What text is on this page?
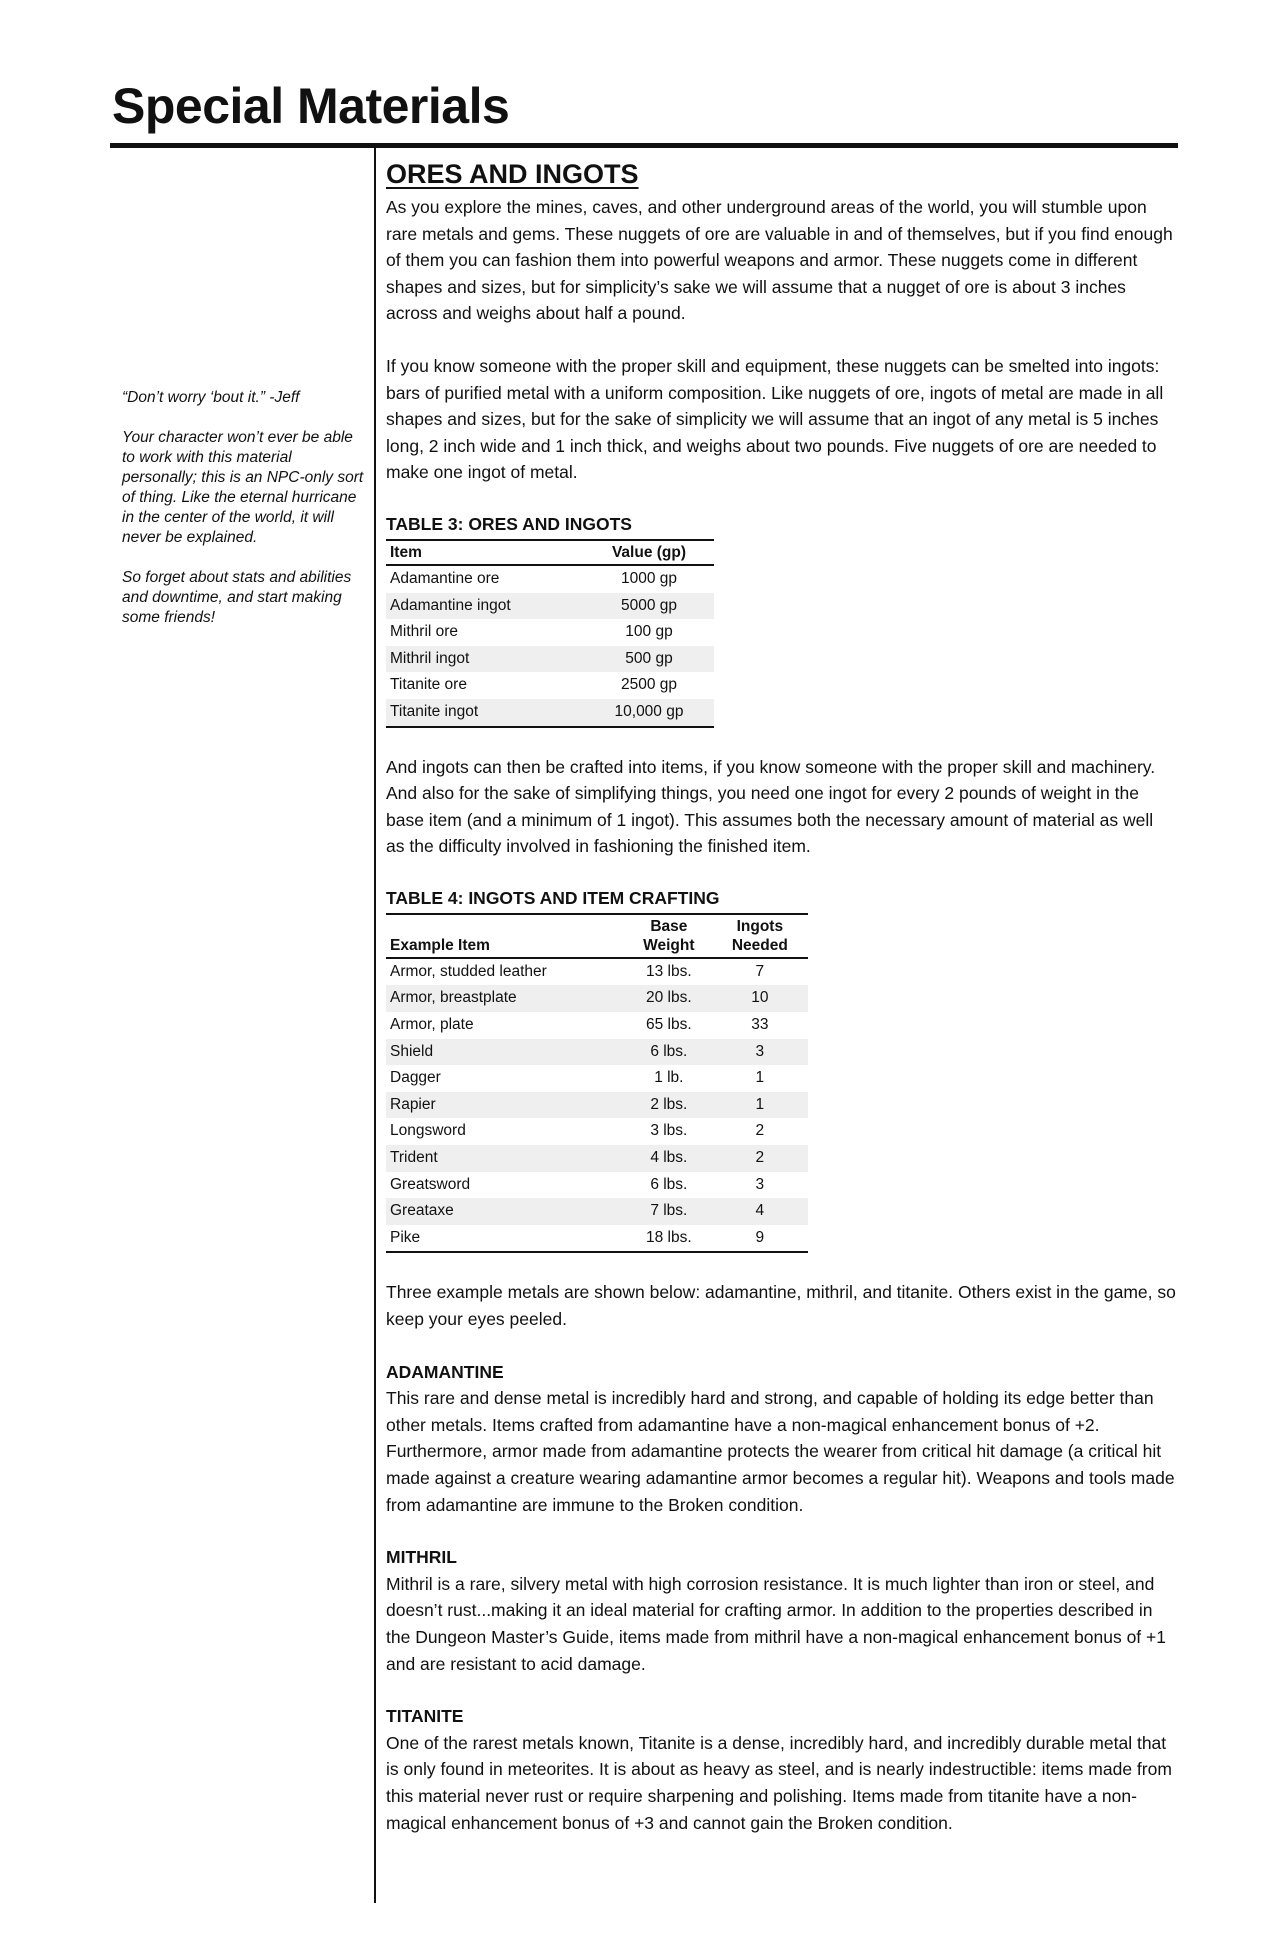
Special Materials

“Don’t worry ‘bout it.” -Jeff

Your character won’t ever be able to work with this material personally; this is an NPC-only sort of thing. Like the eternal hurricane in the center of the world, it will never be explained.

So forget about stats and abilities and downtime, and start making some friends!

ORES AND INGOTS

As you explore the mines, caves, and other underground areas of the world, you will stumble upon rare metals and gems. These nuggets of ore are valuable in and of themselves, but if you find enough of them you can fashion them into powerful weapons and armor. These nuggets come in different shapes and sizes, but for simplicity’s sake we will assume that a nugget of ore is about 3 inches across and weighs about half a pound.

If you know someone with the proper skill and equipment, these nuggets can be smelted into ingots: bars of purified metal with a uniform composition. Like nuggets of ore, ingots of metal are made in all shapes and sizes, but for the sake of simplicity we will assume that an ingot of any metal is 5 inches long, 2 inch wide and 1 inch thick, and weighs about two pounds. Five nuggets of ore are needed to make one ingot of metal.

TABLE 3: ORES AND INGOTS
Item	Value (gp)
Adamantine ore	1000 gp
Adamantine ingot	5000 gp
Mithril ore	100 gp
Mithril ingot	500 gp
Titanite ore	2500 gp
Titanite ingot	10,000 gp

And ingots can then be crafted into items, if you know someone with the proper skill and machinery. And also for the sake of simplifying things, you need one ingot for every 2 pounds of weight in the base item (and a minimum of 1 ingot). This assumes both the necessary amount of material as well as the difficulty involved in fashioning the finished item.

TABLE 4: INGOTS AND ITEM CRAFTING
Example Item	Base Weight	Ingots Needed
Armor, studded leather	13 lbs.	7
Armor, breastplate	20 lbs.	10
Armor, plate	65 lbs.	33
Shield	6 lbs.	3
Dagger	1 lb.	1
Rapier	2 lbs.	1
Longsword	3 lbs.	2
Trident	4 lbs.	2
Greatsword	6 lbs.	3
Greataxe	7 lbs.	4
Pike	18 lbs.	9

Three example metals are shown below: adamantine, mithril, and titanite. Others exist in the game, so keep your eyes peeled.

ADAMANTINE

This rare and dense metal is incredibly hard and strong, and capable of holding its edge better than other metals. Items crafted from adamantine have a non-magical enhancement bonus of +2. Furthermore, armor made from adamantine protects the wearer from critical hit damage (a critical hit made against a creature wearing adamantine armor becomes a regular hit). Weapons and tools made from adamantine are immune to the Broken condition.

MITHRIL

Mithril is a rare, silvery metal with high corrosion resistance. It is much lighter than iron or steel, and doesn’t rust...making it an ideal material for crafting armor. In addition to the properties described in the Dungeon Master’s Guide, items made from mithril have a non-magical enhancement bonus of +1 and are resistant to acid damage.

TITANITE

One of the rarest metals known, Titanite is a dense, incredibly hard, and incredibly durable metal that is only found in meteorites. It is about as heavy as steel, and is nearly indestructible: items made from this material never rust or require sharpening and polishing. Items made from titanite have a non-magical enhancement bonus of +3 and cannot gain the Broken condition.
